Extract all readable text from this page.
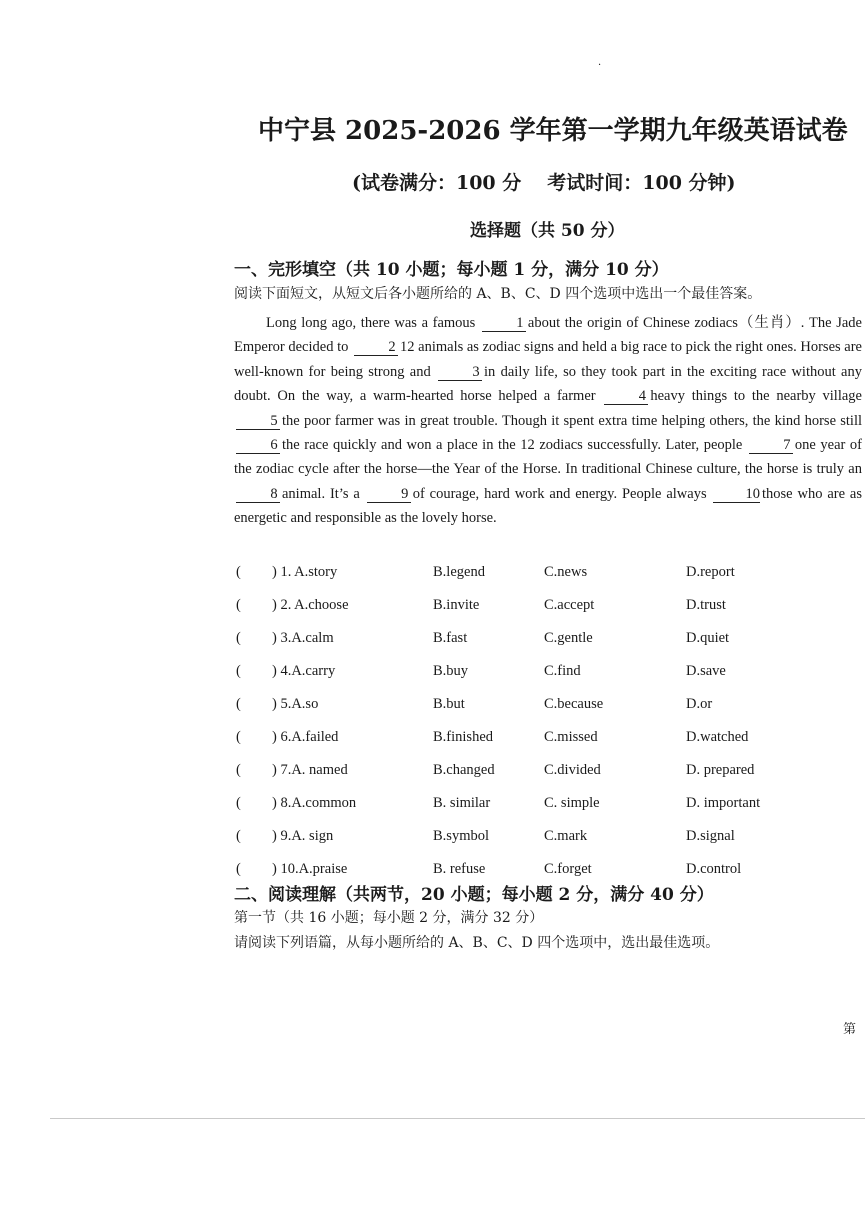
·
中宁县 2025-2026 学年第一学期九年级英语试卷
(试卷满分：100 分 考试时间：100 分钟)
选择题（共 50 分）
一、完形填空（共 10 小题；每小题 1 分，满分 10 分）
阅读下面短文，从短文后各小题所给的 A、B、C、D 四个选项中选出一个最佳答案。

Long long ago, there was a famous	1 about the origin of Chinese zodiacs（生肖）. The Jade Emperor decided to	2 12 animals as zodiac signs and held a big race to pick the right ones. Horses are well-known for being strong and	3 in daily life, so they took part in the exciting race without any doubt. On the way, a warm-hearted horse helped a farmer	4 heavy things to the nearby village 5 the poor farmer was in great trouble. Though it spent extra time helping others, the kind horse still 6 the race quickly and won a place in the 12 zodiacs successfully. Later, people	7 one year of the zodiac cycle after the horse—the Year of the Horse. In traditional Chinese culture, the horse is truly an 8 animal. It’s a	9 of courage, hard work and energy. People always 10 those who are as energetic and responsible as the lovely horse.

( ) 1. A.story	B.legend	C.news	D.report
( ) 2. A.choose	B.invite	C.accept	D.trust
( ) 3.A.calm	B.fast	C.gentle	D.quiet
( ) 4.A.carry	B.buy	C.find	D.save
( ) 5.A.so	B.but	C.because	D.or
( ) 6.A.failed	B.finished	C.missed	D.watched
( ) 7.A. named	B.changed	C.divided	D. prepared
( ) 8.A.common	B. similar	C. simple	D. important
( ) 9.A. sign	B.symbol	C.mark	D.signal
( ) 10.A.praise	B. refuse	C.forget	D.control
二、阅读理解（共两节，20 小题；每小题 2 分，满分 40 分）
第一节（共 16 小题；每小题 2 分，满分 32 分）
请阅读下列语篇，从每小题所给的 A、B、C、D 四个选项中，选出最佳选项。
第
